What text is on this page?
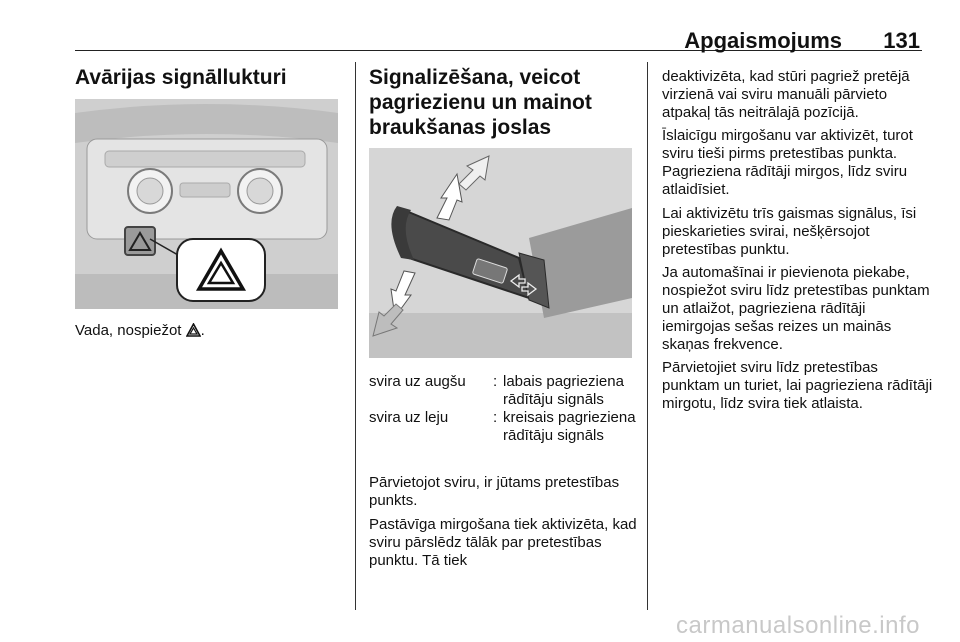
Apgaismojums 131
Avārijas signāllukturi

Vada, nospiežot .

Signalizēšana, veicot
pagriezienu un mainot
braukšanas joslas
svira uz augšu	: labais pagrieziena rādītāju signāls
svira uz leju	: kreisais pagrieziena rādītāju signāls

Pārvietojot sviru, ir jūtams pretestības punkts.

Pastāvīga mirgošana tiek aktivizēta, kad sviru pārslēdz tālāk par pretestības punktu. Tā tiek

deaktivizēta, kad stūri pagriež pretējā virzienā vai sviru manuāli pārvieto atpakaļ tās neitrālajā pozīcijā.

Īslaicīgu mirgošanu var aktivizēt, turot sviru tieši pirms pretestības punkta. Pagrieziena rādītāji mirgos, līdz sviru atlaidīsiet.

Lai aktivizētu trīs gaismas signālus, īsi pieskarieties svirai, nešķērsojot pretestības punktu.

Ja automašīnai ir pievienota piekabe, nospiežot sviru līdz pretestības punktam un atlaižot, pagrieziena rādītāji iemirgojas sešas reizes un mainās skaņas frekvence.

Pārvietojiet sviru līdz pretestības punktam un turiet, lai pagrieziena rādītāji mirgotu, līdz svira tiek atlaista.

carmanualsonline.info
